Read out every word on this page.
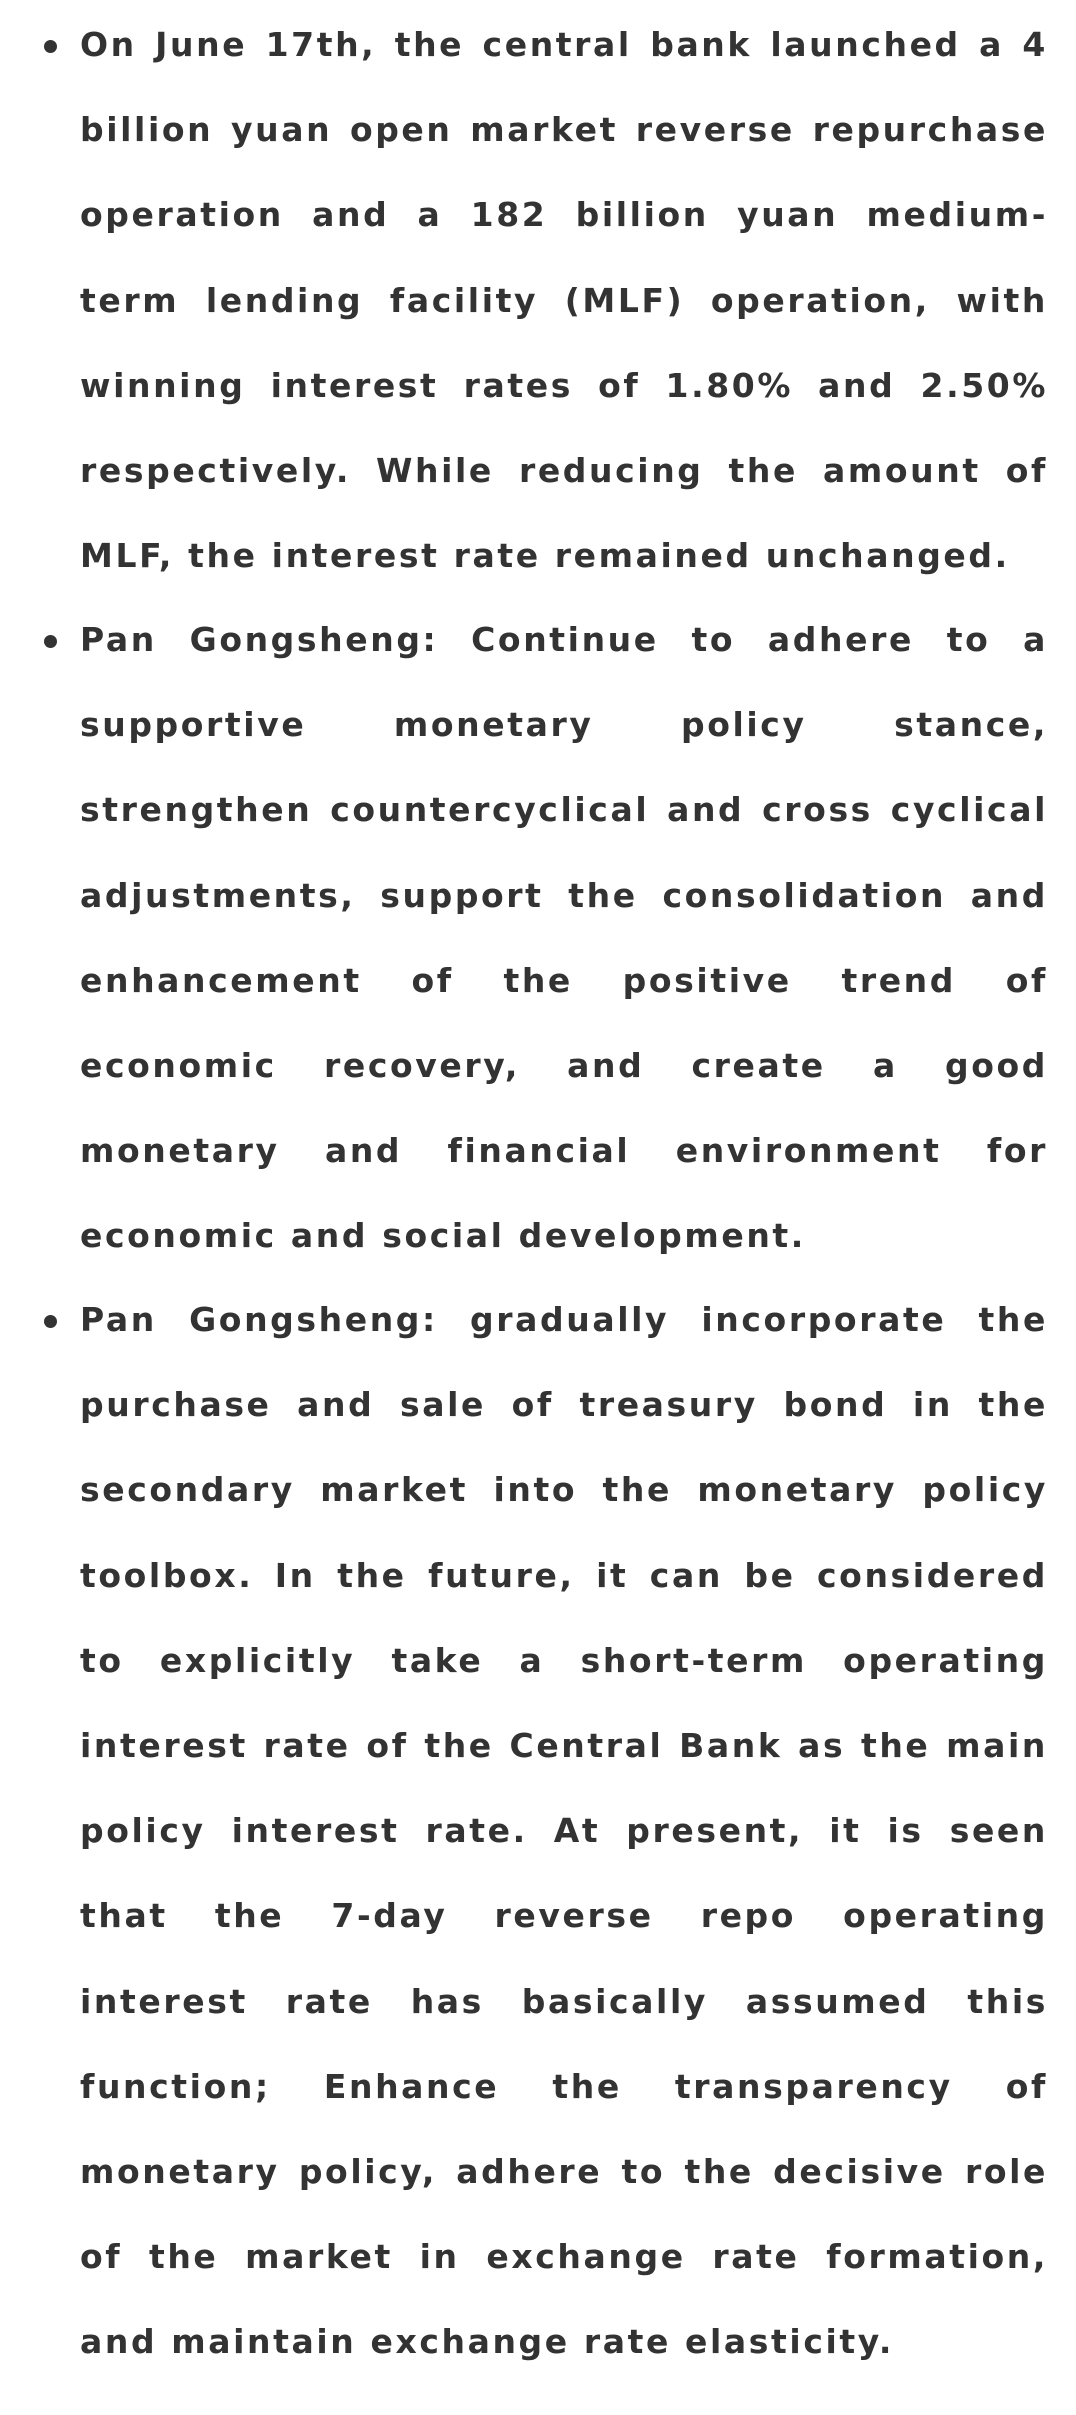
On June 17th, the central bank launched a 4 billion yuan open market reverse repurchase operation and a 182 billion yuan medium-term lending facility (MLF) operation, with winning interest rates of 1.80% and 2.50% respectively. While reducing the amount of MLF, the interest rate remained unchanged.
Pan Gongsheng: Continue to adhere to a supportive monetary policy stance, strengthen countercyclical and cross cyclical adjustments, support the consolidation and enhancement of the positive trend of economic recovery, and create a good monetary and financial environment for economic and social development.
Pan Gongsheng: gradually incorporate the purchase and sale of treasury bond in the secondary market into the monetary policy toolbox. In the future, it can be considered to explicitly take a short-term operating interest rate of the Central Bank as the main policy interest rate. At present, it is seen that the 7-day reverse repo operating interest rate has basically assumed this function; Enhance the transparency of monetary policy, adhere to the decisive role of the market in exchange rate formation, and maintain exchange rate elasticity.
